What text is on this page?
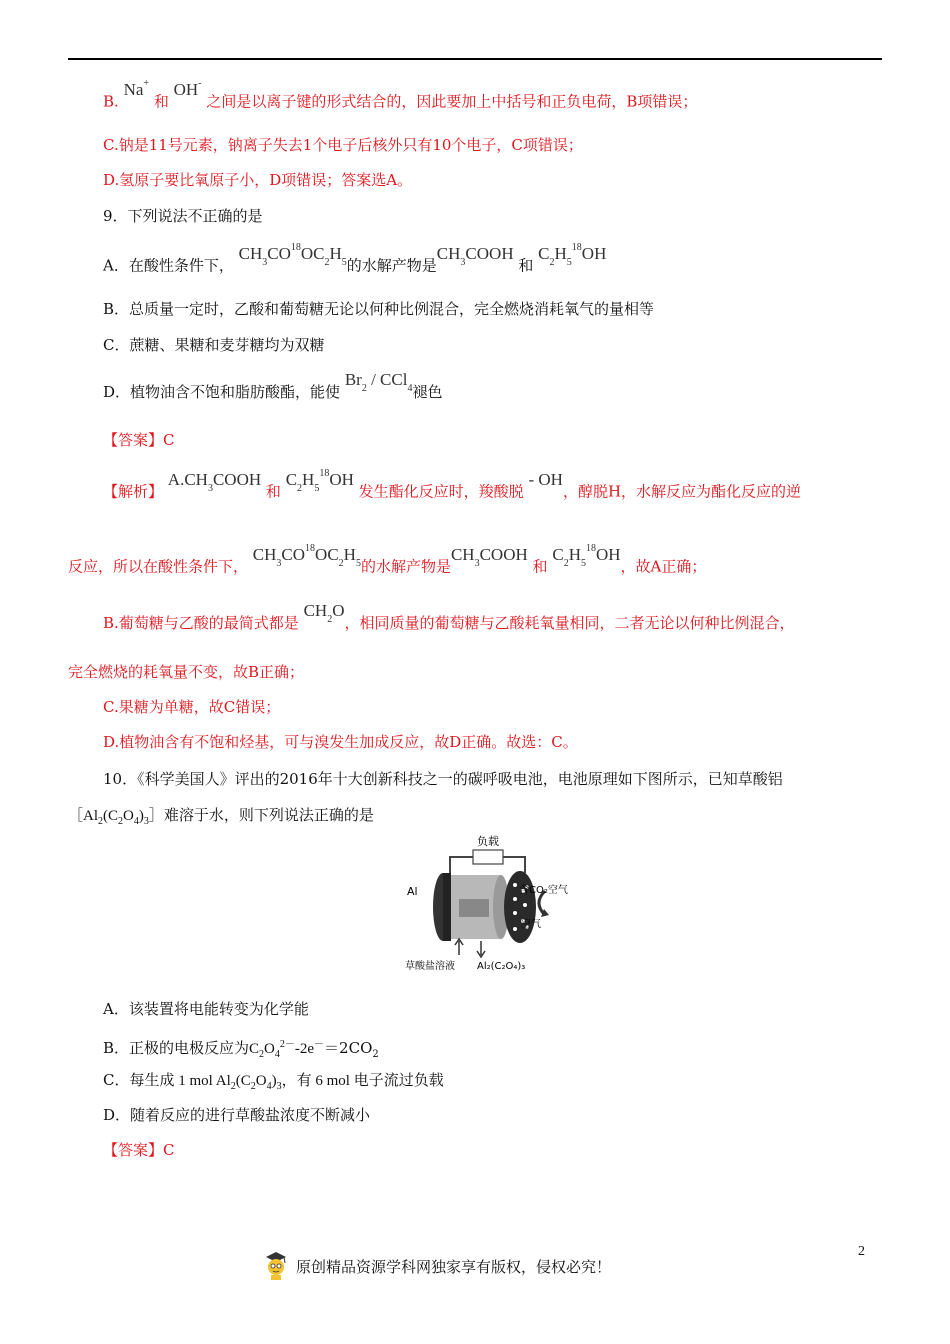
B. Na+ 和 OH- 之间是以离子键的形式结合的，因此要加上中括号和正负电荷，B项错误；
C.钠是11号元素，钠离子失去1个电子后核外只有10个电子，C项错误；
D.氢原子要比氧原子小，D项错误；答案选A。
9．下列说法不正确的是
A．在酸性条件下， $CH_3CO^{18}OC_2H_5$的水解产物是$CH_3COOH$ 和 $C_2H_5^{18}OH$
B．总质量一定时，乙酸和葡萄糖无论以何种比例混合，完全燃烧消耗氧气的量相等
C．蔗糖、果糖和麦芽糖均为双糖
D．植物油含不饱和脂肪酸酯，能使 $Br_2 / CCl_4$褪色
【答案】C
【解析】 $A.CH_3COOH$ 和 $C_2H_5^{18}OH$ 发生酯化反应时，羧酸脱 - OH，醇脱H，水解反应为酯化反应的逆
反应，所以在酸性条件下， $CH_3CO^{18}OC_2H_5$的水解产物是$CH_3COOH$ 和 $C_2H_5^{18}OH$，故A正确；
B.葡萄糖与乙酸的最简式都是 $CH_2O$，相同质量的葡萄糖与乙酸耗氧量相同，二者无论以何种比例混合，
完全燃烧的耗氧量不变，故B正确；
C.果糖为单糖，故C错误；
D.植物油含有不饱和烃基，可与溴发生加成反应，故D正确。故选：C。
10．《科学美国人》评出的2016年十大创新科技之一的碳呼吸电池，电池原理如下图所示，已知草酸铝
$[Al_2(C_2O_4)_3]$难溶于水，则下列说法正确的是
负载
Al	含CO₂空气
空气
草酸盐溶液 Al₂(C₂O₄)₃
A．该装置将电能转变为化学能
B．正极的电极反应为$C_2O_4^{2-}-2e^-=2CO_2$
C．每生成 1 mol $Al_2(C_2O_4)_3$，有 6 mol 电子流过负载
D．随着反应的进行草酸盐浓度不断减小
【答案】C
2
原创精品资源学科网独家享有版权，侵权必究！
